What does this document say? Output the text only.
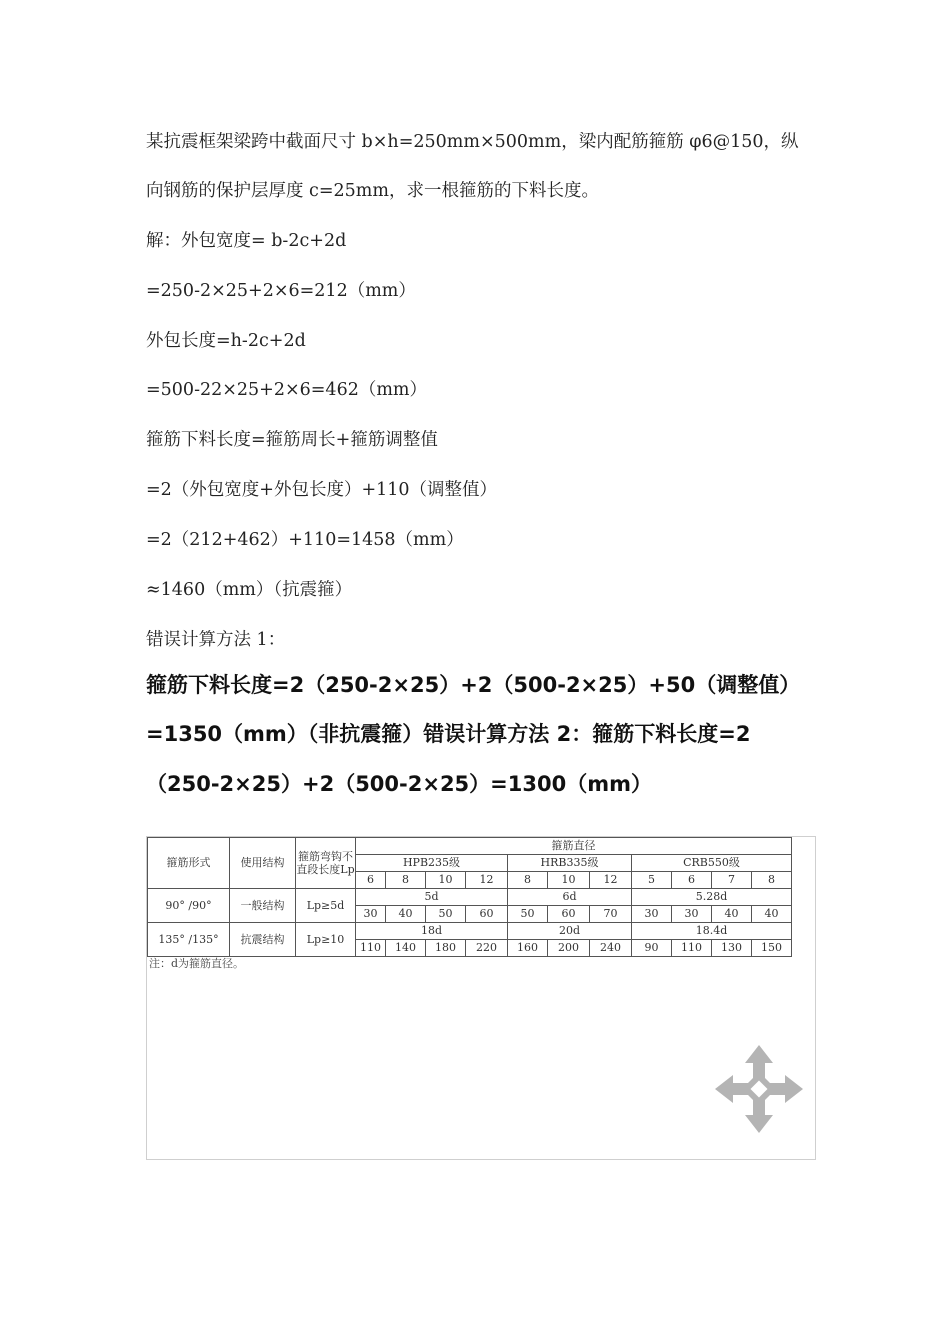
某抗震框架梁跨中截面尺寸 b×h=250mm×500mm，梁内配筋箍筋 φ6@150，纵
向钢筋的保护层厚度 c=25mm，求一根箍筋的下料长度。
解：外包宽度= b-2c+2d
=250-2×25+2×6=212（mm）
外包长度=h-2c+2d
=500-22×25+2×6=462（mm）
箍筋下料长度=箍筋周长+箍筋调整值
=2（外包宽度+外包长度）+110（调整值）
=2（212+462）+110=1458（mm）
≈1460（mm）（抗震箍）
错误计算方法 1：
箍筋下料长度=2（250-2×25）+2（500-2×25）+50（调整值）
=1350（mm）（非抗震箍）错误计算方法 2：箍筋下料长度=2
（250-2×25）+2（500-2×25）=1300（mm）
箍筋形式	使用结构	箍筋弯钩不直段长度Lp	箍筋直径										
			HPB235级				HRB335级			CRB550级			
			6	8	10	12	8	10	12	5	6	7	8
90° /90°	一般结构	Lp≥5d	5d				6d			5.28d			
			30	40	50	60	50	60	70	30	30	40	40
135° /135°	抗震结构	Lp≥10	18d				20d			18.4d			
			110	140	180	220	160	200	240	90	110	130	150
注：d为箍筋直径。
